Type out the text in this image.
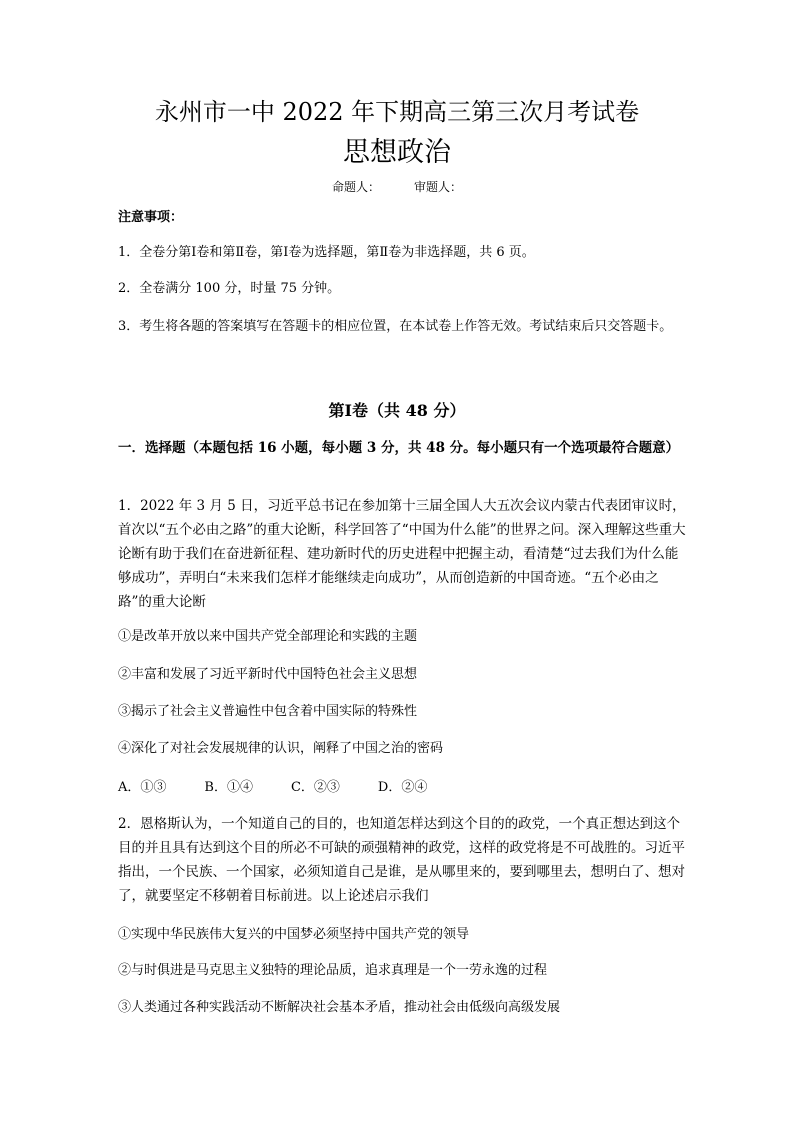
永州市一中 2022 年下期高三第三次月考试卷
思想政治
命题人：	审题人：
注意事项：
1．全卷分第Ⅰ卷和第Ⅱ卷，第Ⅰ卷为选择题，第Ⅱ卷为非选择题，共 6 页。
2．全卷满分 100 分，时量 75 分钟。
3．考生将各题的答案填写在答题卡的相应位置，在本试卷上作答无效。考试结束后只交答题卡。
第Ⅰ卷（共 48 分）
一．选择题（本题包括 16 小题，每小题 3 分，共 48 分。每小题只有一个选项最符合题意）
1．2022 年 3 月 5 日，习近平总书记在参加第十三届全国人大五次会议内蒙古代表团审议时，首次以“五个必由之路”的重大论断，科学回答了“中国为什么能”的世界之问。深入理解这些重大论断有助于我们在奋进新征程、建功新时代的历史进程中把握主动，看清楚“过去我们为什么能够成功”，弄明白“未来我们怎样才能继续走向成功”，从而创造新的中国奇迹。“五个必由之路”的重大论断
①是改革开放以来中国共产党全部理论和实践的主题
②丰富和发展了习近平新时代中国特色社会主义思想
③揭示了社会主义普遍性中包含着中国实际的特殊性
④深化了对社会发展规律的认识，阐释了中国之治的密码
A．①③	B．①④	C．②③	D．②④
2．恩格斯认为，一个知道自己的目的，也知道怎样达到这个目的的政党，一个真正想达到这个目的并且具有达到这个目的所必不可缺的顽强精神的政党，这样的政党将是不可战胜的。习近平指出，一个民族、一个国家，必须知道自己是谁，是从哪里来的，要到哪里去，想明白了、想对了，就要坚定不移朝着目标前进。以上论述启示我们
①实现中华民族伟大复兴的中国梦必须坚持中国共产党的领导
②与时俱进是马克思主义独特的理论品质，追求真理是一个一劳永逸的过程
③人类通过各种实践活动不断解决社会基本矛盾，推动社会由低级向高级发展
